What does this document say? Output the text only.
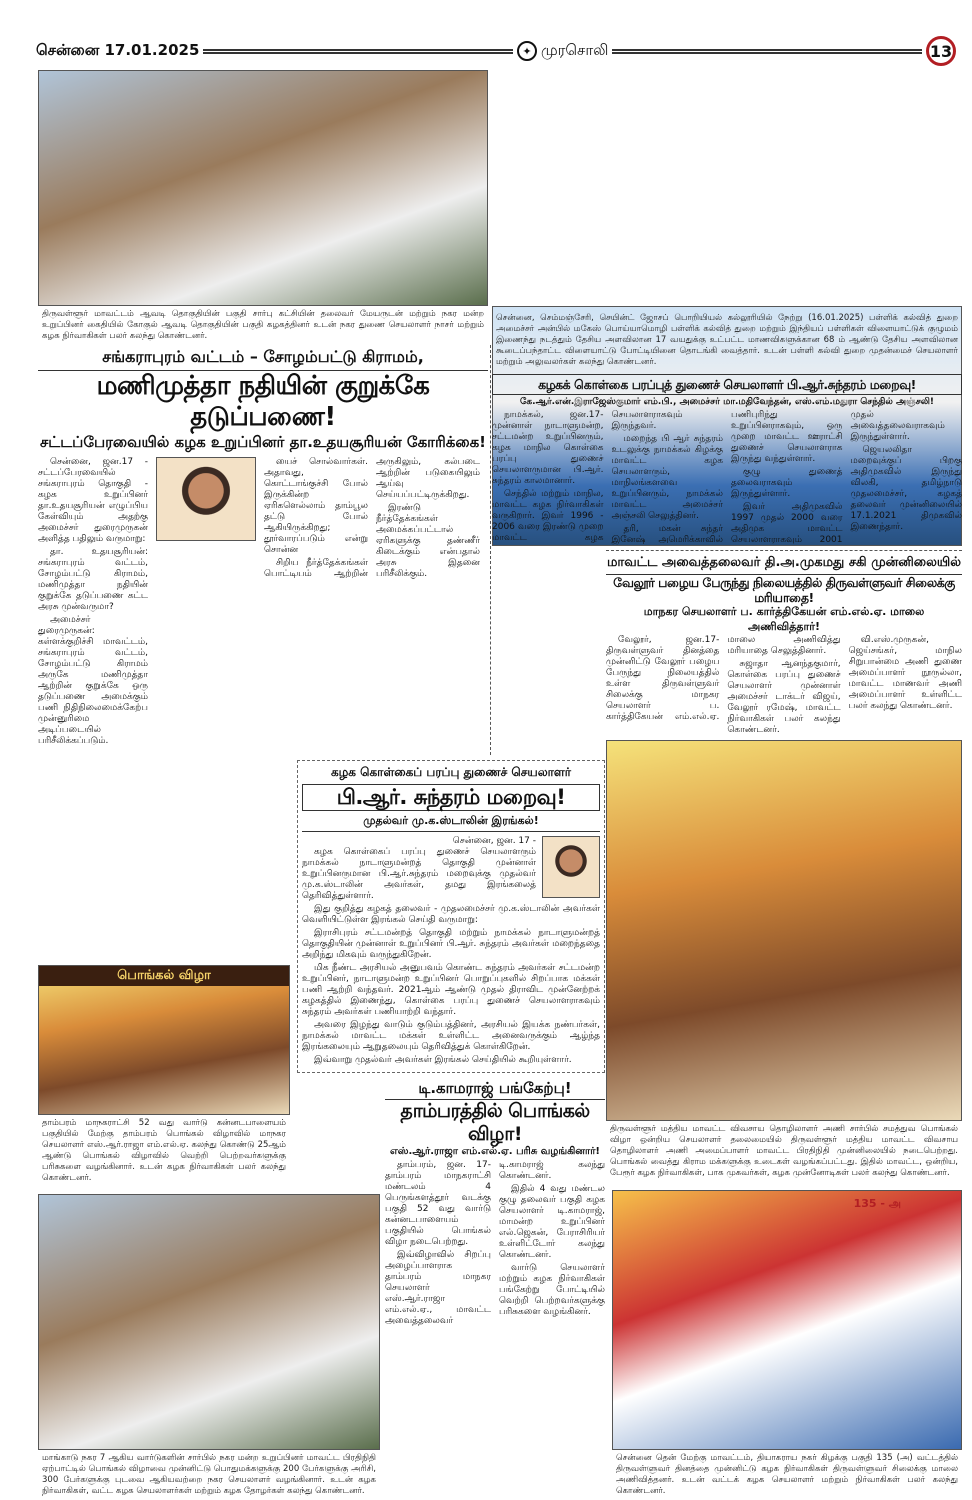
சென்னை 17.01.2025	✦ முரசொலி	13
திருவள்ளூர் மாவட்டம் ஆவடி தொகுதியின் பகுதி சார்பு கட்சியின் தலைவர் மேயருடன் மற்றும் நகர மன்ற உறுப்பினர் கைதியில் கோகுல் ஆவடி தொகுதியின் பகுதி கழகத்தினர் உடன் நகர துணை செயலாளர் நாசர் மற்றும் கழக நிர்வாகிகள் பலர் கலந்து கொண்டனர்.
சங்கராபுரம் வட்டம் – சோழம்பட்டு கிராமம்,
மணிமுத்தா நதியின் குறுக்கே தடுப்பணை!
சட்டப்பேரவையில் கழக உறுப்பினர் தா.உதயசூரியன் கோரிக்கை!

சென்னை, ஜன.17 - சட்டப்பேரவையில் சங்கராபுரம் தொகுதி - கழக உறுப்பினர் தா.உதயசூரியன் எழுப்பிய கேள்வியும் அதற்கு அமைச்சர் துரைமுருகன் அளித்த பதிலும் வருமாறு:

தா. உதயசூரியன்: சங்கராபுரம் வட்டம், சோழம்பட்டு கிராமம், மணிமுத்தா நதியின் குறுக்கே தடுப்பணை கட்ட அரசு முன்வருமா?

அமைச்சர் துரைமுருகன்: கள்ளக்குறிச்சி மாவட்டம், சங்கராபுரம் வட்டம், சோழம்பட்டு கிராமம் அருகே மணிமுத்தா ஆற்றின் குறுக்கே ஒரு தடுப்பணை அமைக்கும் பணி நிதிநிலைமைக்கேற்ப முன்னுரிமை அடிப்படையில் பரிசீலிக்கப்படும்.

யைச் சொல்வார்கள். அதாவது, கொட்டாங்குச்சி போல் இருக்கின்ற ஏரிகளெல்லாம் தாம்பூல தட்டு போல் ஆகியிருக்கிறது; தூர்வாரப்படும் என்று சொன்ன

சிறிய நீர்த்தேக்கங்கள் பொட்டியம் ஆற்றின் அருகிலும், கல்படை ஆற்றின் படுகையிலும் ஆய்வு செய்யப்பட்டிருக்கிறது.

இரண்டு நீர்த்தேக்கங்கள் அமைக்கப்பட்டால் ஏரிகளுக்கு தண்ணீர் கிடைக்கும் என்பதால் அரசு இதனை பரிசீலிக்கும்.

சென்னை, செம்மஞ்சேரி, செயின்ட் ஜோசப் பொறியியல் கல்லூரியில் நேற்று (16.01.2025) பள்ளிக் கல்வித் துறை அமைச்சர் அன்பில் மகேஸ் பொய்யாமொழி பள்ளிக் கல்வித் துறை மற்றும் இந்தியப் பள்ளிகள் விளையாட்டுக் குழுமம் இணைந்து நடத்தும் தேசிய அளவிலான 17 வயதுக்கு உட்பட்ட மாணவிகளுக்கான 68 ம் ஆண்டு தேசிய அளவிலான கூடைப்பந்தாட்ட விளையாட்டு போட்டியினை தொடங்கி வைத்தார். உடன் பள்ளி கல்வி துறை முதன்மைச் செயலாளர் மற்றும் அலுவலர்கள் கலந்து கொண்டனர்.
கழகக் கொள்கை பரப்புத் துணைச் செயலாளர் பி.ஆர்.சுந்தரம் மறைவு!
கே.ஆர்.என்.இராஜேஸ்குமார் எம்.பி., அமைச்சர் மா.மதிவேந்தன், எஸ்.எம்.மதுரா செந்தில் அஞ்சலி!

நாமக்கல், ஜன.17- முன்னாள் நாடாளுமன்ற, சட்டமன்ற உறுப்பினரும், கழக மாநில கொள்கை பரப்பு துணைச் செயலாளருமான பி.ஆர். சுந்தரம் காலமானார்.

செந்தில் மற்றும் மாநில, மாவட்ட கழக நிர்வாகிகள் வருகிறார். இவர் 1996 - 2006 வரை இரண்டு முறை மாவட்ட கழக செயலாளராகவும் இருந்தவர்.

மறைந்த பி ஆர் சுந்தரம் உடலுக்கு நாமக்கல் கிழக்கு மாவட்ட கழக செயலாளரும், மாநிலங்களவை உறுப்பினரும், நாமக்கல் மாவட்ட அமைச்சர் அஞ்சலி செலுத்தினர்.

தரி, மகன் சுந்தர் இனேஷ் அமெரிக்காவில் பணிபுரிந்து உறுப்பினராகவும், ஒரு முறை மாவட்ட ஊராட்சி துணைச் செயலாளராக இருந்து வந்துள்ளார்.

குழு துணைத் தலைவராகவும் இருந்துள்ளார்.

இவர் அதிமுகவில் 1997 முதல் 2000 வரை அதிமுக மாவட்ட செயலாளராகவும் 2001 முதல் அவைத்தலைவராகவும் இருந்துள்ளார்.

ஜெயலலிதா மறைவுக்குப் பிறகு அதிமுகவில் இருந்து விலகி, தமிழ்நாடு முதலமைச்சர், கழகத் தலைவர் முன்னிலையில் 17.1.2021 திமுகவில் இணைந்தார்.

மாவட்ட அவைத்தலைவர் தி.அ.முகமது சகி முன்னிலையில்
வேலூர் பழைய பேருந்து நிலையத்தில் திருவள்ளுவர் சிலைக்கு மரியாதை!
மாநகர செயலாளர் ப. கார்த்திகேயன் எம்.எல்.ஏ. மாலை அணிவித்தார்!

வேலூர், ஜன.17- திருவள்ளுவர் தினத்தை முன்னிட்டு வேலூர் பழைய பேருந்து நிலையத்தில் உள்ள திருவள்ளுவர் சிலைக்கு மாநகர செயலாளர் ப. கார்த்திகேயன் எம்.எல்.ஏ. மாலை அணிவித்து மரியாதை செலுத்தினார்.

சுஜாதா ஆனந்தகுமார், கொள்கை பரப்பு துணைச் செயலாளர் முன்னாள் அமைச்சர் டாக்டர் விஜய், வேலூர் ரமேஷ், மாவட்ட நிர்வாகிகள் பலர் கலந்து கொண்டனர்.

வி.எஸ்.முருகன், ஜெய்சங்கர், மாநில சிறுபான்மை அணி துணை அமைப்பாளர் நூருல்லா, மாவட்ட மாணவர் அணி அமைப்பாளர் உள்ளிட்ட பலர் கலந்து கொண்டனர்.

திருவள்ளூர் மத்திய மாவட்ட விவசாய தொழிலாளர் அணி சார்பில் சமத்துவ பொங்கல் விழா ஒன்றிய செயலாளர் தலைமையில் திருவள்ளூர் மத்திய மாவட்ட விவசாய தொழிலாளர் அணி அமைப்பாளர் மாவட்ட பிரதிநிதி முன்னிலையில் நடைபெற்றது. பொங்கல் வைத்து கிராம மக்களுக்கு உடைகள் வழங்கப்பட்டது. இதில் மாவட்ட, ஒன்றிய, பேரூர் கழக நிர்வாகிகள், பாக முகவர்கள், கழக முன்னோடிகள் பலர் கலந்து கொண்டனர்.
கழக கொள்கைப் பரப்பு துணைச் செயலாளர்
பி.ஆர். சுந்தரம் மறைவு!
முதல்வர் மு.க.ஸ்டாலின் இரங்கல்!
சென்னை, ஜன. 17 -

கழக கொள்கைப் பரப்பு துணைச் செயலாளரும் நாமக்கல் நாடாளுமன்றத் தொகுதி முன்னாள் உறுப்பினருமான பி.ஆர்.சுந்தரம் மறைவுக்கு முதல்வர் மு.க.ஸ்டாலின் அவர்கள், தமது இரங்கலைத் தெரிவித்துள்ளார்.

இது குறித்து கழகத் தலைவர் - முதலமைச்சர் மு.க.ஸ்டாலின் அவர்கள் வெளியிட்டுள்ள இரங்கல் செய்தி வருமாறு:

இராசிபுரம் சட்டமன்றத் தொகுதி மற்றும் நாமக்கல் நாடாளுமன்றத் தொகுதியின் முன்னாள் உறுப்பினர் பி.ஆர். சுந்தரம் அவர்கள் மறைந்ததை அறிந்து மிகவும் வருந்துகிறேன்.

மிக நீண்ட அரசியல் அனுபவம் கொண்ட சுந்தரம் அவர்கள் சட்டமன்ற உறுப்பினர், நாடாளுமன்ற உறுப்பினர் பொறுப்புகளில் சிறப்பாக மக்கள் பணி ஆற்றி வந்தவர். 2021ஆம் ஆண்டு முதல் திராவிட முன்னேற்றக் கழகத்தில் இணைந்து, கொள்கை பரப்பு துணைச் செயலாளராகவும் சுந்தரம் அவர்கள் பணியாற்றி வந்தார்.

அவரை இழந்து வாடும் குடும்பத்தினர், அரசியல் இயக்க நண்பர்கள், நாமக்கல் மாவட்ட மக்கள் உள்ளிட்ட அனைவருக்கும் ஆழ்ந்த இரங்கலையும் ஆறுதலையும் தெரிவித்துக் கொள்கிறேன்.

இவ்வாறு முதல்வர் அவர்கள் இரங்கல் செய்தியில் கூறியுள்ளார்.

டி.காமராஜ் பங்கேற்பு!
தாம்பரத்தில் பொங்கல் விழா!
எஸ்.ஆர்.ராஜா எம்.எல்.ஏ. பரிசு வழங்கினார்!

தாம்பரம், ஜன. 17- தாம்பரம் மாநகராட்சி மண்டலம் 4 பெருங்களத்தூர் வடக்கு பகுதி 52 வது வார்டு கன்னடபாளையம் பகுதியில் பொங்கல் விழா நடைபெற்றது.

இவ்விழாவில் சிறப்பு அழைப்பாளராக தாம்பரம் மாநகர செயலாளர் எஸ்.ஆர்.ராஜா எம்.எல்.ஏ., மாவட்ட அவைத்தலைவர் டி.காமராஜ் கலந்து கொண்டனர்.

இதில் 4 வது மண்டல குழு தலைவர் பகுதி கழக செயலாளர் டி.காமராஜ், மாமன்ற உறுப்பினர் எல்.ஜெகன், பேராசிரியர் உள்ளிட்டோர் கலந்து கொண்டனர்.

வார்டு செயலாளர் மற்றும் கழக நிர்வாகிகள் பங்கேற்று போட்டியில் வெற்றி பெற்றவர்களுக்கு பரிசுகளை வழங்கினர்.

பொங்கல் விழா
தாம்பரம் மாநகராட்சி 52 வது வார்டு கன்னடபாளையம் பகுதியில் மேற்கு தாம்பரம் பொங்கல் விழாவில் மாநகர செயலாளர் எஸ்.ஆர்.ராஜா எம்.எல்.ஏ. கலந்து கொண்டு 25ஆம் ஆண்டு பொங்கல் விழாவில் வெற்றி பெற்றவர்களுக்கு பரிசுகளை வழங்கினார். உடன் கழக நிர்வாகிகள் பலர் கலந்து கொண்டனர்.
மாங்காடு நகர 7 ஆகிய வார்டுகளின் சார்பில் நகர மன்ற உறுப்பினர் மாவட்ட பிரதிநிதி ஏற்பாட்டில் பொங்கல் விழாவை முன்னிட்டு பொதுமக்களுக்கு 200 பேர்களுக்கு அரிசி, 300 பேர்களுக்கு புடவை ஆகியவற்றை நகர செயலாளர் வழங்கினார். உடன் கழக நிர்வாகிகள், வட்ட கழக செயலாளர்கள் மற்றும் கழக தோழர்கள் கலந்து கொண்டனர்.
135 - அ
சென்னை தென் மேற்கு மாவட்டம், தியாகராய நகர் கிழக்கு பகுதி 135 (அ) வட்டத்தில் திருவள்ளுவர் தினத்தை முன்னிட்டு கழக நிர்வாகிகள் திருவள்ளுவர் சிலைக்கு மாலை அணிவித்தனர். உடன் வட்டக் கழக செயலாளர் மற்றும் நிர்வாகிகள் பலர் கலந்து கொண்டனர்.
